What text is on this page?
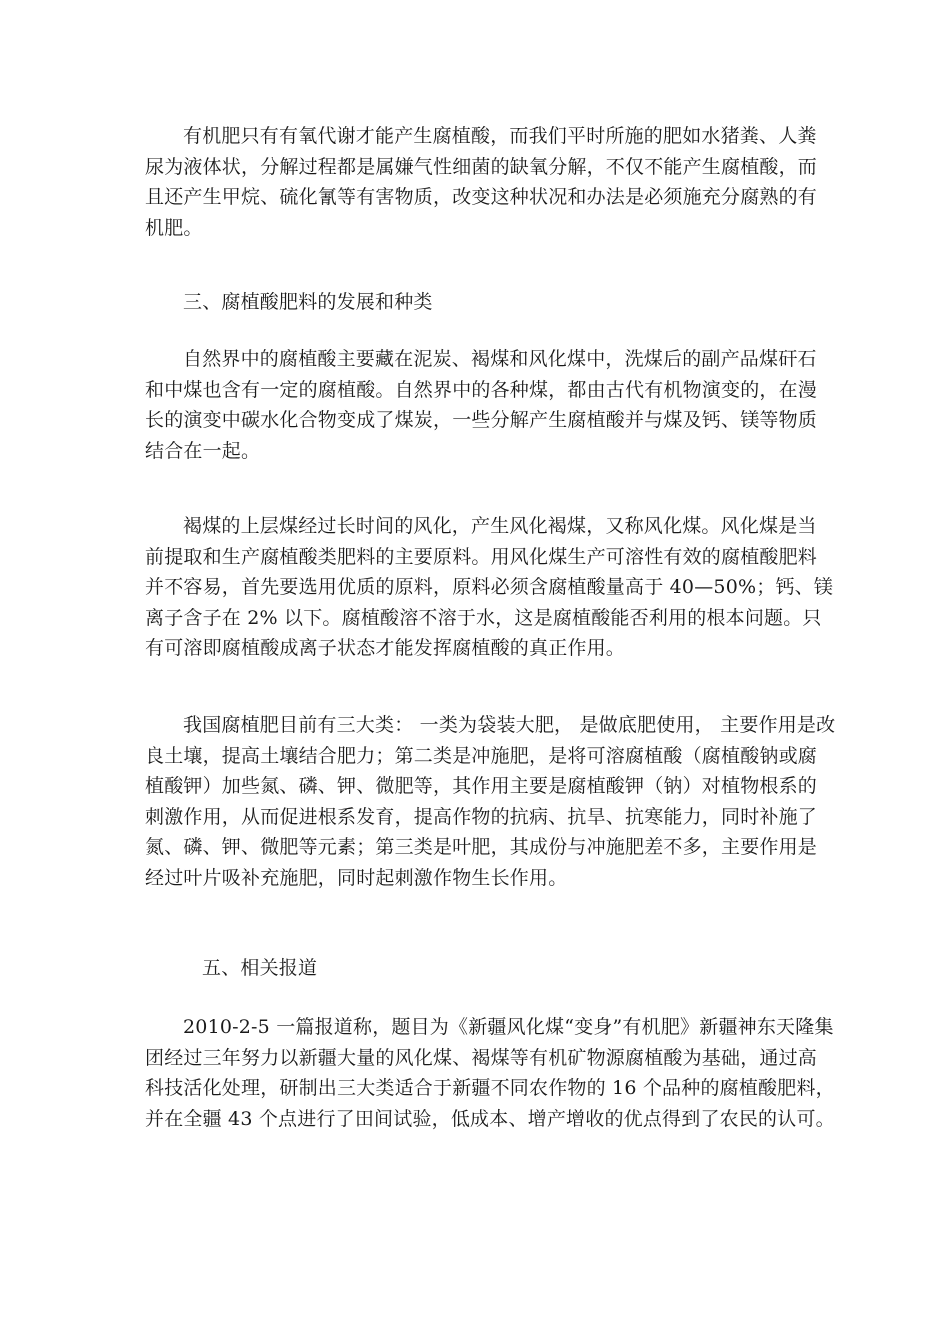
有机肥只有有氧代谢才能产生腐植酸，而我们平时所施的肥如水猪粪、人粪
尿为液体状，分解过程都是属嫌气性细菌的缺氧分解，不仅不能产生腐植酸，而
且还产生甲烷、硫化氰等有害物质，改变这种状况和办法是必须施充分腐熟的有
机肥。
三、腐植酸肥料的发展和种类
自然界中的腐植酸主要藏在泥炭、褐煤和风化煤中，洗煤后的副产品煤矸石
和中煤也含有一定的腐植酸。自然界中的各种煤，都由古代有机物演变的，在漫
长的演变中碳水化合物变成了煤炭，一些分解产生腐植酸并与煤及钙、镁等物质
结合在一起。
褐煤的上层煤经过长时间的风化，产生风化褐煤，又称风化煤。风化煤是当
前提取和生产腐植酸类肥料的主要原料。用风化煤生产可溶性有效的腐植酸肥料
并不容易，首先要选用优质的原料，原料必须含腐植酸量高于 40—50%；钙、镁
离子含子在 2% 以下。腐植酸溶不溶于水，这是腐植酸能否利用的根本问题。只
有可溶即腐植酸成离子状态才能发挥腐植酸的真正作用。
我国腐植肥目前有三大类： 一类为袋装大肥， 是做底肥使用， 主要作用是改
良土壤，提高土壤结合肥力；第二类是冲施肥，是将可溶腐植酸（腐植酸钠或腐
植酸钾）加些氮、磷、钾、微肥等，其作用主要是腐植酸钾（钠）对植物根系的
刺激作用，从而促进根系发育，提高作物的抗病、抗旱、抗寒能力，同时补施了
氮、磷、钾、微肥等元素；第三类是叶肥，其成份与冲施肥差不多，主要作用是
经过叶片吸补充施肥，同时起刺激作物生长作用。
五、相关报道
2010-2-5 一篇报道称，题目为《新疆风化煤“变身”有机肥》新疆神东天隆集
团经过三年努力以新疆大量的风化煤、褐煤等有机矿物源腐植酸为基础，通过高
科技活化处理，研制出三大类适合于新疆不同农作物的 16 个品种的腐植酸肥料，
并在全疆 43 个点进行了田间试验，低成本、增产增收的优点得到了农民的认可。
